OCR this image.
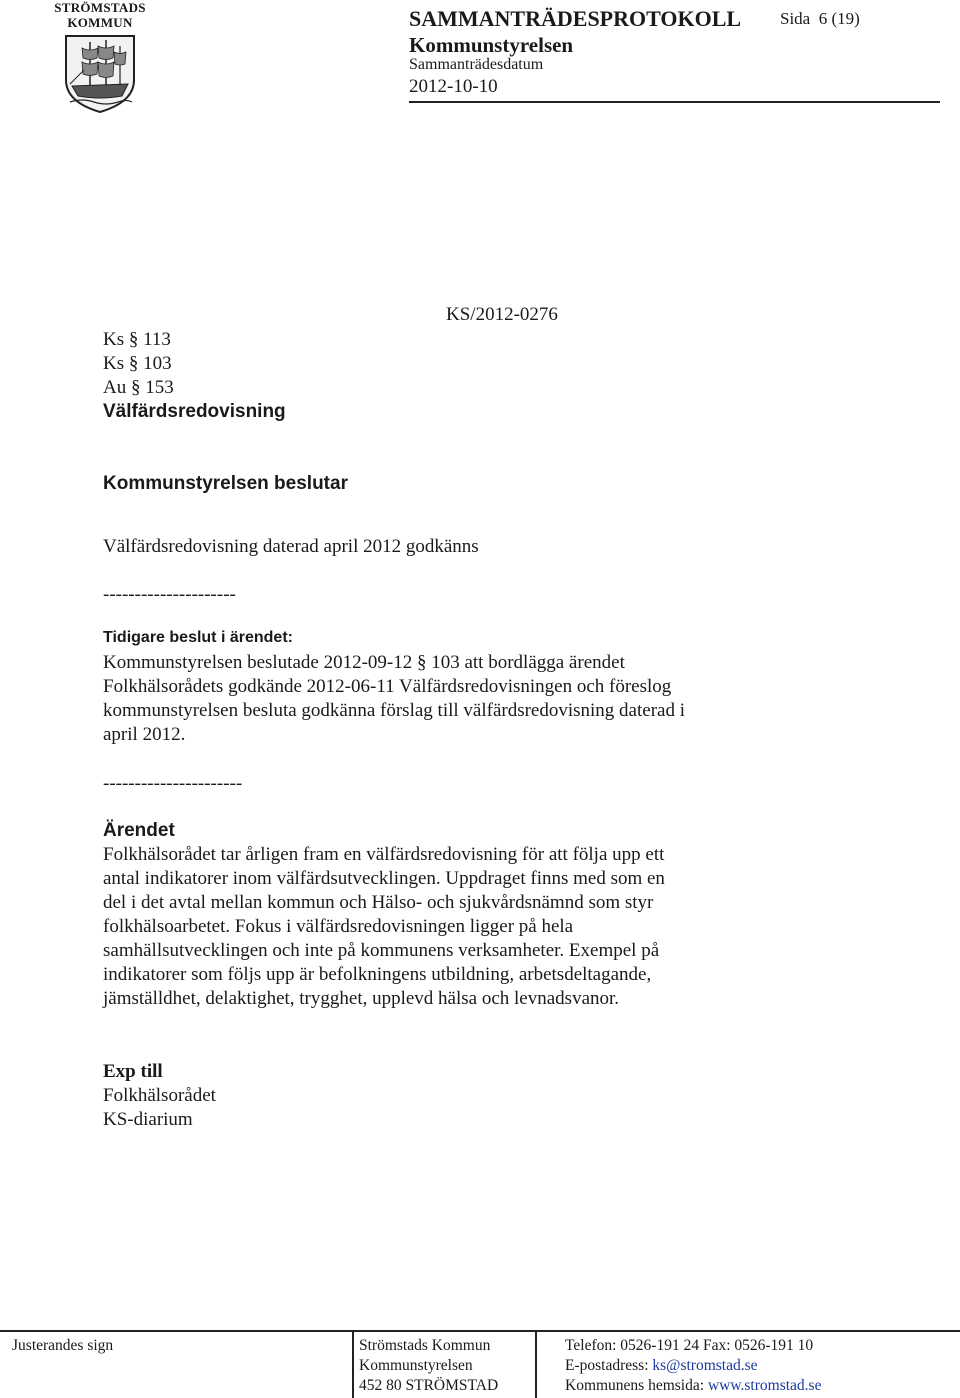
STRÖMSTADS
KOMMUN	SAMMANTRÄDESPROTOKOLL Sida 6 (19)
Kommunstyrelsen
Sammanträdesdatum
2012-10-10
KS/2012-0276
Ks § 113
Ks § 103
Au § 153
Välfärdsredovisning
Kommunstyrelsen beslutar
Välfärdsredovisning daterad april 2012 godkänns
---------------------
Tidigare beslut i ärendet:
Kommunstyrelsen beslutade 2012-09-12 § 103 att bordlägga ärendet
Folkhälsorådets godkände 2012-06-11 Välfärdsredovisningen och föreslog
kommunstyrelsen besluta godkänna förslag till välfärdsredovisning daterad i
april 2012.
----------------------
Ärendet
Folkhälsorådet tar årligen fram en välfärdsredovisning för att följa upp ett
antal indikatorer inom välfärdsutvecklingen. Uppdraget finns med som en
del i det avtal mellan kommun och Hälso- och sjukvårdsnämnd som styr
folkhälsoarbetet. Fokus i välfärdsredovisningen ligger på hela
samhällsutvecklingen och inte på kommunens verksamheter. Exempel på
indikatorer som följs upp är befolkningens utbildning, arbetsdeltagande,
jämställdhet, delaktighet, trygghet, upplevd hälsa och levnadsvanor.
Exp till
Folkhälsorådet
KS-diarium
Justerandes sign	Strömstads Kommun
Kommunstyrelsen
452 80 STRÖMSTAD
Telefon: 0526-191 24 Fax: 0526-191 10
E-postadress: ks@stromstad.se
Kommunens hemsida: www.stromstad.se
